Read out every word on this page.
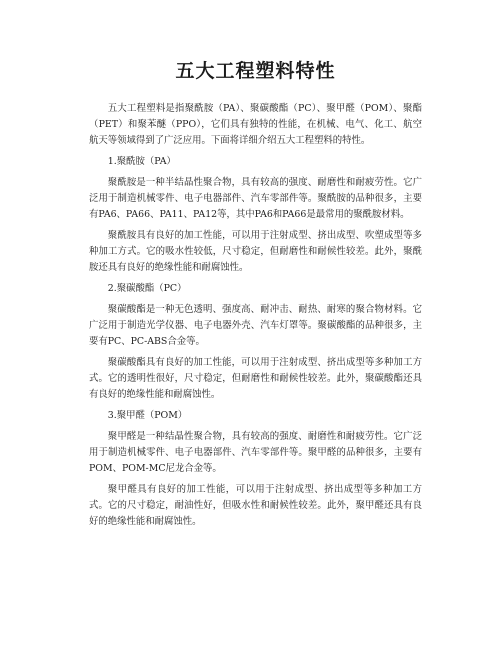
五大工程塑料特性

五大工程塑料是指聚酰胺（PA）、聚碳酸酯（PC）、聚甲醛（POM）、聚酯（PET）和聚苯醚（PPO），它们具有独特的性能，在机械、电气、化工、航空航天等领域得到了广泛应用。下面将详细介绍五大工程塑料的特性。

1.聚酰胺（PA）

聚酰胺是一种半结晶性聚合物，具有较高的强度、耐磨性和耐疲劳性。它广泛用于制造机械零件、电子电器部件、汽车零部件等。聚酰胺的品种很多，主要有PA6、PA66、PA11、PA12等，其中PA6和PA66是最常用的聚酰胺材料。

聚酰胺具有良好的加工性能，可以用于注射成型、挤出成型、吹塑成型等多种加工方式。它的吸水性较低，尺寸稳定，但耐磨性和耐候性较差。此外，聚酰胺还具有良好的绝缘性能和耐腐蚀性。

2.聚碳酸酯（PC）

聚碳酸酯是一种无色透明、强度高、耐冲击、耐热、耐寒的聚合物材料。它广泛用于制造光学仪器、电子电器外壳、汽车灯罩等。聚碳酸酯的品种很多，主要有PC、PC-ABS合金等。

聚碳酸酯具有良好的加工性能，可以用于注射成型、挤出成型等多种加工方式。它的透明性很好，尺寸稳定，但耐磨性和耐候性较差。此外，聚碳酸酯还具有良好的绝缘性能和耐腐蚀性。

3.聚甲醛（POM）

聚甲醛是一种结晶性聚合物，具有较高的强度、耐磨性和耐疲劳性。它广泛用于制造机械零件、电子电器部件、汽车零部件等。聚甲醛的品种很多，主要有POM、POM-MC尼龙合金等。

聚甲醛具有良好的加工性能，可以用于注射成型、挤出成型等多种加工方式。它的尺寸稳定，耐油性好，但吸水性和耐候性较差。此外，聚甲醛还具有良好的绝缘性能和耐腐蚀性。
